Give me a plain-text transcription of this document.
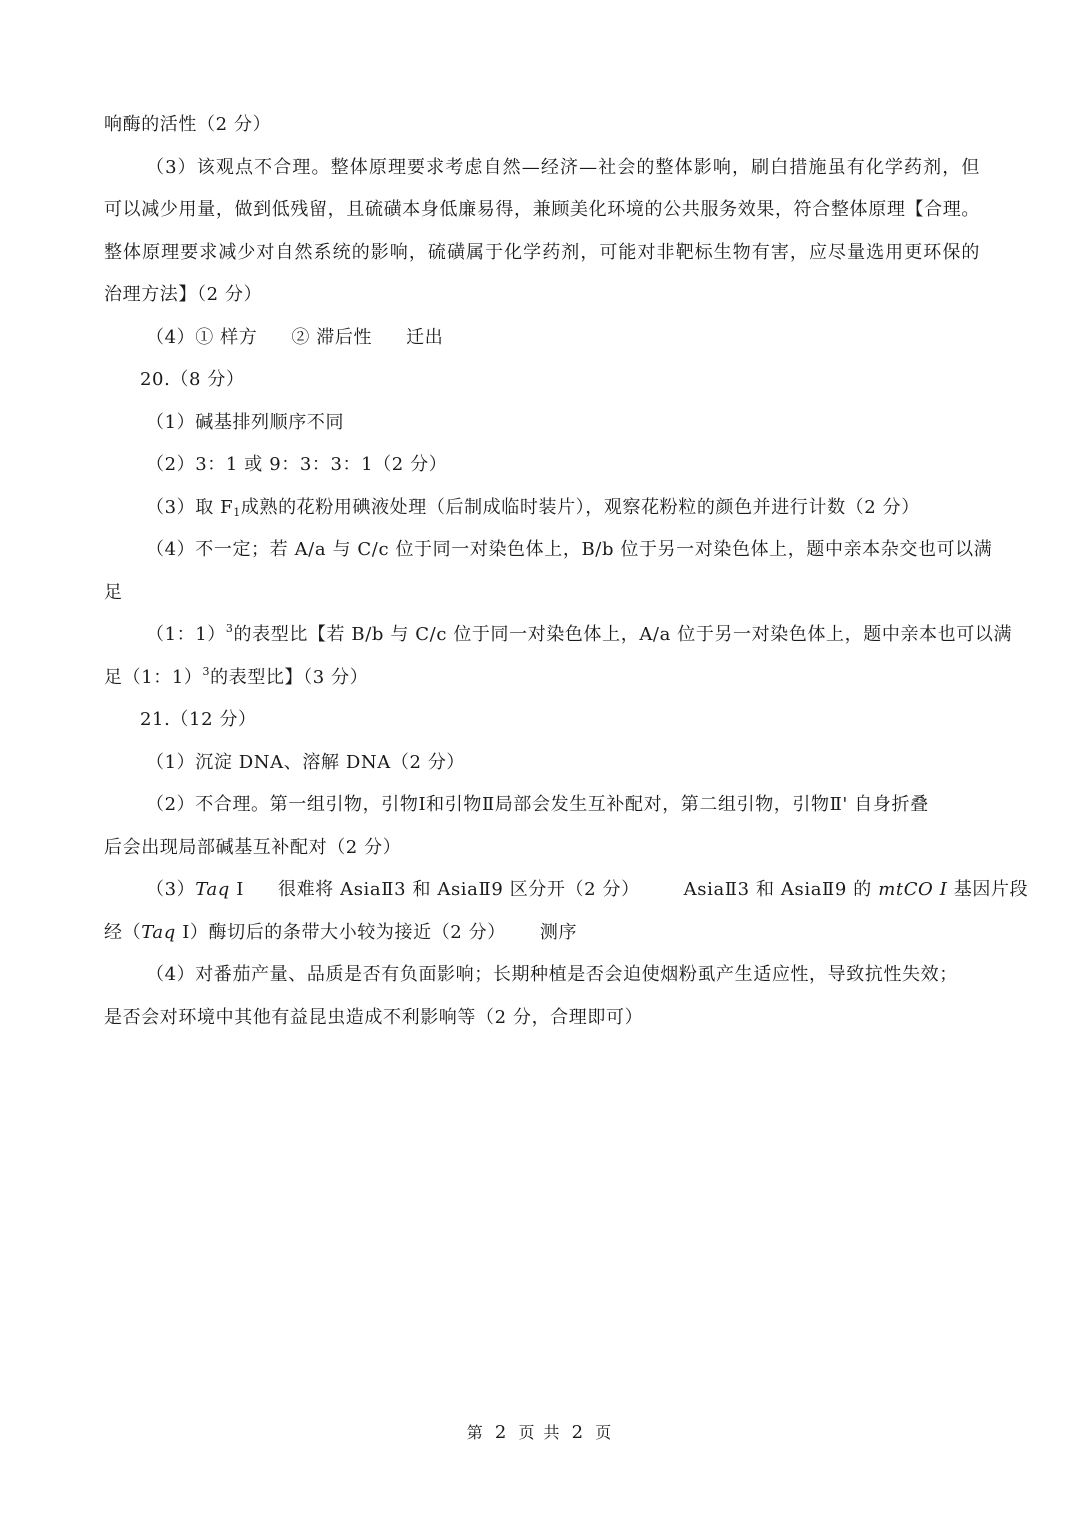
响酶的活性（2 分）
（3）该观点不合理。整体原理要求考虑自然—经济—社会的整体影响，刷白措施虽有化学药剂，但
可以减少用量，做到低残留，且硫磺本身低廉易得，兼顾美化环境的公共服务效果，符合整体原理【合理。
整体原理要求减少对自然系统的影响，硫磺属于化学药剂，可能对非靶标生物有害，应尽量选用更环保的
治理方法】（2 分）
（4）① 样方 ② 滞后性 迁出
20.（8 分）
（1）碱基排列顺序不同
（2）3：1 或 9：3：3：1（2 分）
（3）取 $F_1$成熟的花粉用碘液处理（后制成临时装片），观察花粉粒的颜色并进行计数（2 分）
（4）不一定；若 A/a 与 C/c 位于同一对染色体上，B/b 位于另一对染色体上，题中亲本杂交也可以满
足
（1：1）$^3$的表型比【若 B/b 与 C/c 位于同一对染色体上，A/a 位于另一对染色体上，题中亲本也可以满
足（1：1）$^3$的表型比】（3 分）
21.（12 分）
（1）沉淀 DNA、溶解 DNA（2 分）
（2）不合理。第一组引物，引物Ⅰ和引物Ⅱ局部会发生互补配对，第二组引物，引物Ⅱ' 自身折叠
后会出现局部碱基互补配对（2 分）
（3）Taq Ⅰ 很难将 AsiaⅡ3 和 AsiaⅡ9 区分开（2 分） AsiaⅡ3 和 AsiaⅡ9 的 mtCO Ⅰ 基因片段
经（Taq Ⅰ）酶切后的条带大小较为接近（2 分） 测序
（4）对番茄产量、品质是否有负面影响；长期种植是否会迫使烟粉虱产生适应性，导致抗性失效；
是否会对环境中其他有益昆虫造成不利影响等（2 分，合理即可）
第 2 页 共 2 页
